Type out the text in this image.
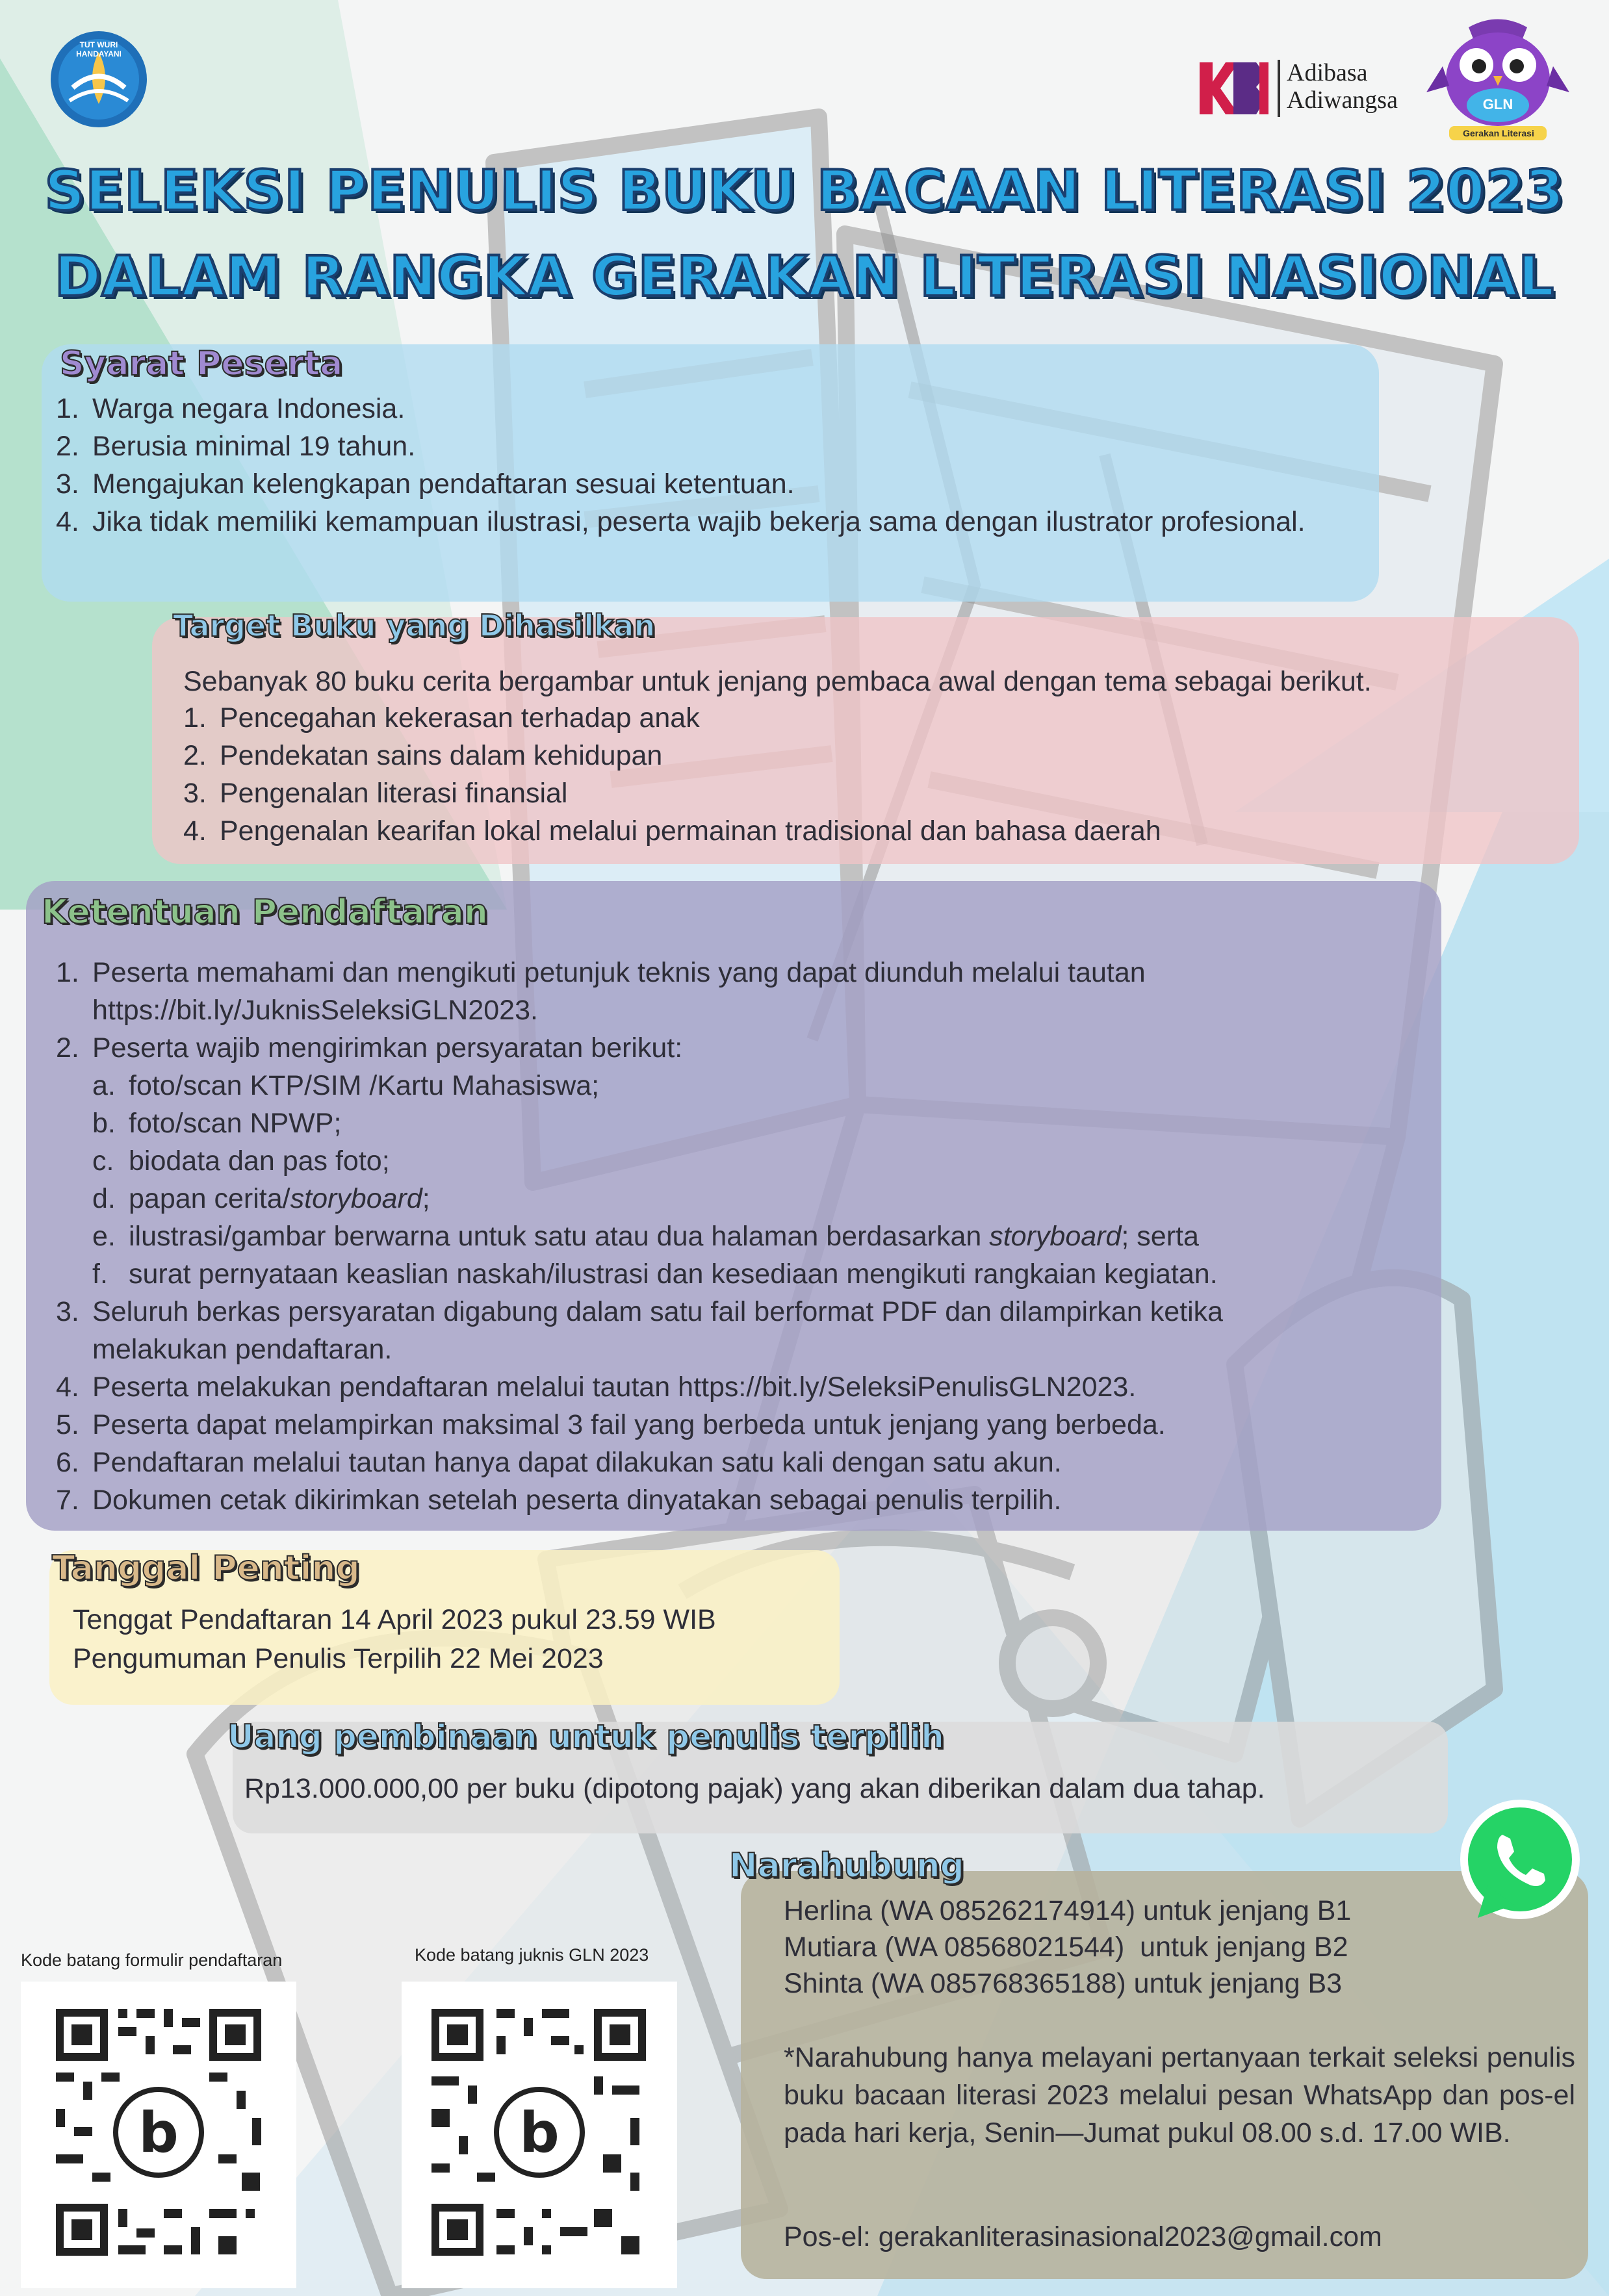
TUT WURI HANDAYANI
Adibasa
Adiwangsa	GLN
Gerakan Literasi
SELEKSI PENULIS BUKU BACAAN LITERASI 2023
DALAM RANGKA GERAKAN LITERASI NASIONAL
Syarat Peserta
1. Warga negara Indonesia.
2. Berusia minimal 19 tahun.
3. Mengajukan kelengkapan pendaftaran sesuai ketentuan.
4. Jika tidak memiliki kemampuan ilustrasi, peserta wajib bekerja sama dengan ilustrator profesional.
Target Buku yang Dihasilkan
Sebanyak 80 buku cerita bergambar untuk jenjang pembaca awal dengan tema sebagai berikut.
1. Pencegahan kekerasan terhadap anak
2. Pendekatan sains dalam kehidupan
3. Pengenalan literasi finansial
4. Pengenalan kearifan lokal melalui permainan tradisional dan bahasa daerah
Ketentuan Pendaftaran
1. Peserta memahami dan mengikuti petunjuk teknis yang dapat diunduh melalui tautan https://bit.ly/JuknisSeleksiGLN2023.
2. Peserta wajib mengirimkan persyaratan berikut:
a. foto/scan KTP/SIM /Kartu Mahasiswa;
b. foto/scan NPWP;
c. biodata dan pas foto;
d. papan cerita/storyboard;
e. ilustrasi/gambar berwarna untuk satu atau dua halaman berdasarkan storyboard; serta
f. surat pernyataan keaslian naskah/ilustrasi dan kesediaan mengikuti rangkaian kegiatan.
3. Seluruh berkas persyaratan digabung dalam satu fail berformat PDF dan dilampirkan ketika melakukan pendaftaran.
4. Peserta melakukan pendaftaran melalui tautan https://bit.ly/SeleksiPenulisGLN2023.
5. Peserta dapat melampirkan maksimal 3 fail yang berbeda untuk jenjang yang berbeda.
6. Pendaftaran melalui tautan hanya dapat dilakukan satu kali dengan satu akun.
7. Dokumen cetak dikirimkan setelah peserta dinyatakan sebagai penulis terpilih.
Tanggal Penting
Tenggat Pendaftaran 14 April 2023 pukul 23.59 WIB
Pengumuman Penulis Terpilih 22 Mei 2023
Uang pembinaan untuk penulis terpilih
Rp13.000.000,00 per buku (dipotong pajak) yang akan diberikan dalam dua tahap.
Narahubung
Herlina (WA 085262174914) untuk jenjang B1
Mutiara (WA 08568021544)  untuk jenjang B2
Shinta (WA 085768365188) untuk jenjang B3
*Narahubung hanya melayani pertanyaan terkait seleksi penulis buku bacaan literasi 2023 melalui pesan WhatsApp dan pos-el pada hari kerja, Senin—Jumat pukul 08.00 s.d. 17.00 WIB.
Pos-el: gerakanliterasinasional2023@gmail.com
Kode batang formulir pendaftaran
b
Kode batang juknis GLN 2023
b
